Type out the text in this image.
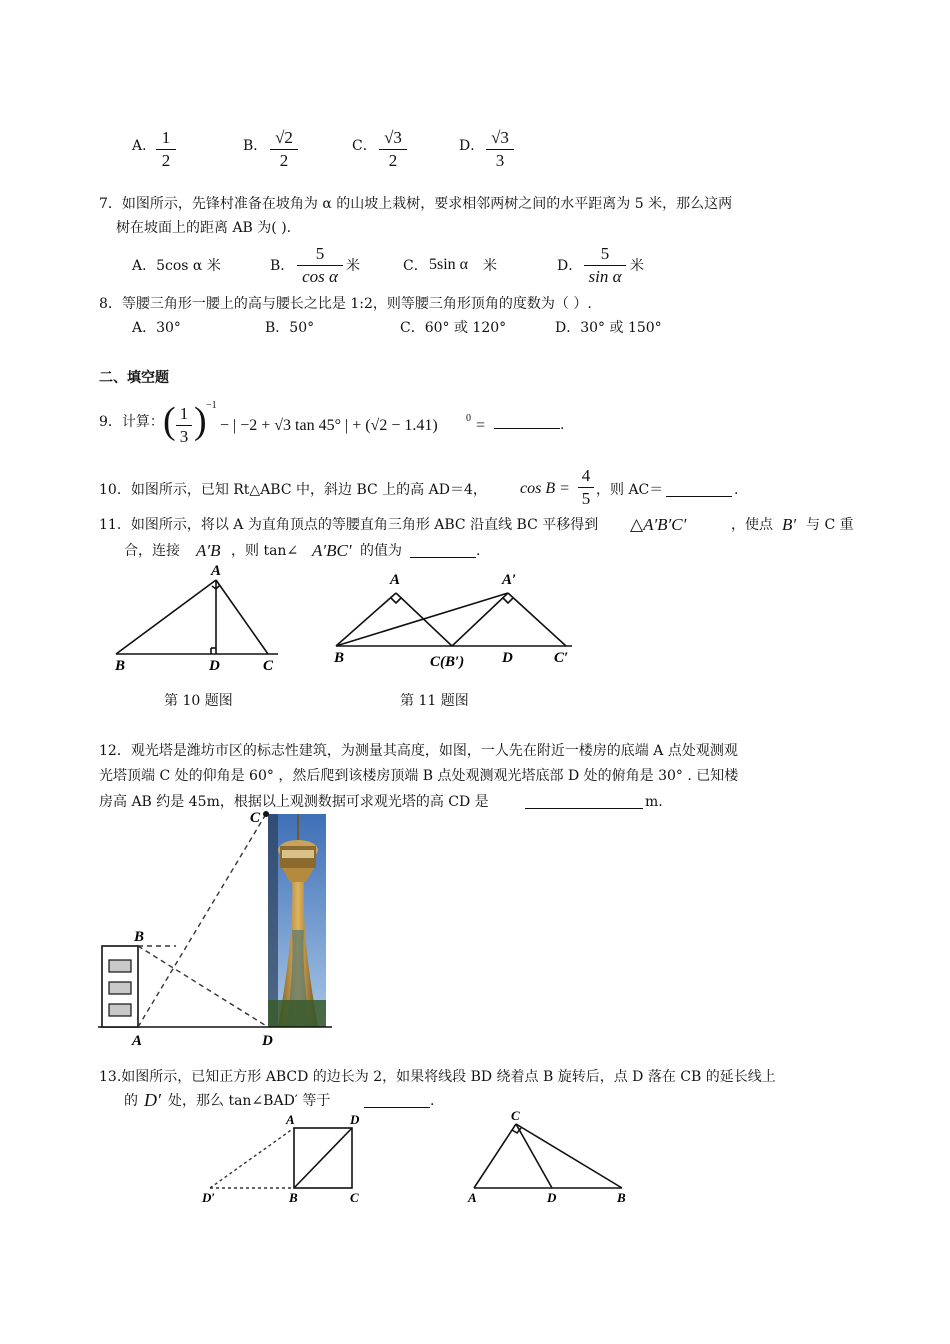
A． 1
2
B． √2
2
C． √3
2
D． √3
3
7．如图所示，先锋村准备在坡角为 α 的山坡上栽树，要求相邻两树之间的水平距离为 5 米，那么这两
树在坡面上的距离 AB 为( ).
A．5cos α 米	B．
5
cos α
米	C． 5sin α 米	D．
5
sin α
米
8．等腰三角形一腰上的高与腰长之比是 1:2，则等腰三角形顶角的度数为（ ）.
A．30°	B．50°	C．60° 或 120°	D．30° 或 150°
二、填空题
9．计算： ( 1
3 ) −1
− | −2 + √3 tan 45° | + (√2 − 1.41)	0 =	.
10．如图所示，已知 Rt△ABC 中，斜边 BC 上的高 AD＝4， cos B =
4
5 ，则 AC＝	.
11．如图所示，将以 A 为直角顶点的等腰直角三角形 ABC 沿直线 BC 平移得到 △A′B′C′	，使点 B′ 与 C 重
合，连接 A′B ，则 tan∠ A′BC′ 的值为	.
A
B	D	C
第 10 题图
A	A′
B	C(B′)	D	C′
第 11 题图
12．观光塔是潍坊市区的标志性建筑，为测量其高度，如图，一人先在附近一楼房的底端 A 点处观测观
光塔顶端 C 处的仰角是 60° ，然后爬到该楼房顶端 B 点处观测观光塔底部 D 处的俯角是 30° . 已知楼
房高 AB 约是 45m，根据以上观测数据可求观光塔的高 CD 是	m.
C
B
A	D
13.如图所示，已知正方形 ABCD 的边长为 2，如果将线段 BD 绕着点 B 旋转后，点 D 落在 CB 的延长线上
的 D′ 处，那么 tan∠BAD′ 等于	.
A	D
D′	B	C
C
A	D	B
